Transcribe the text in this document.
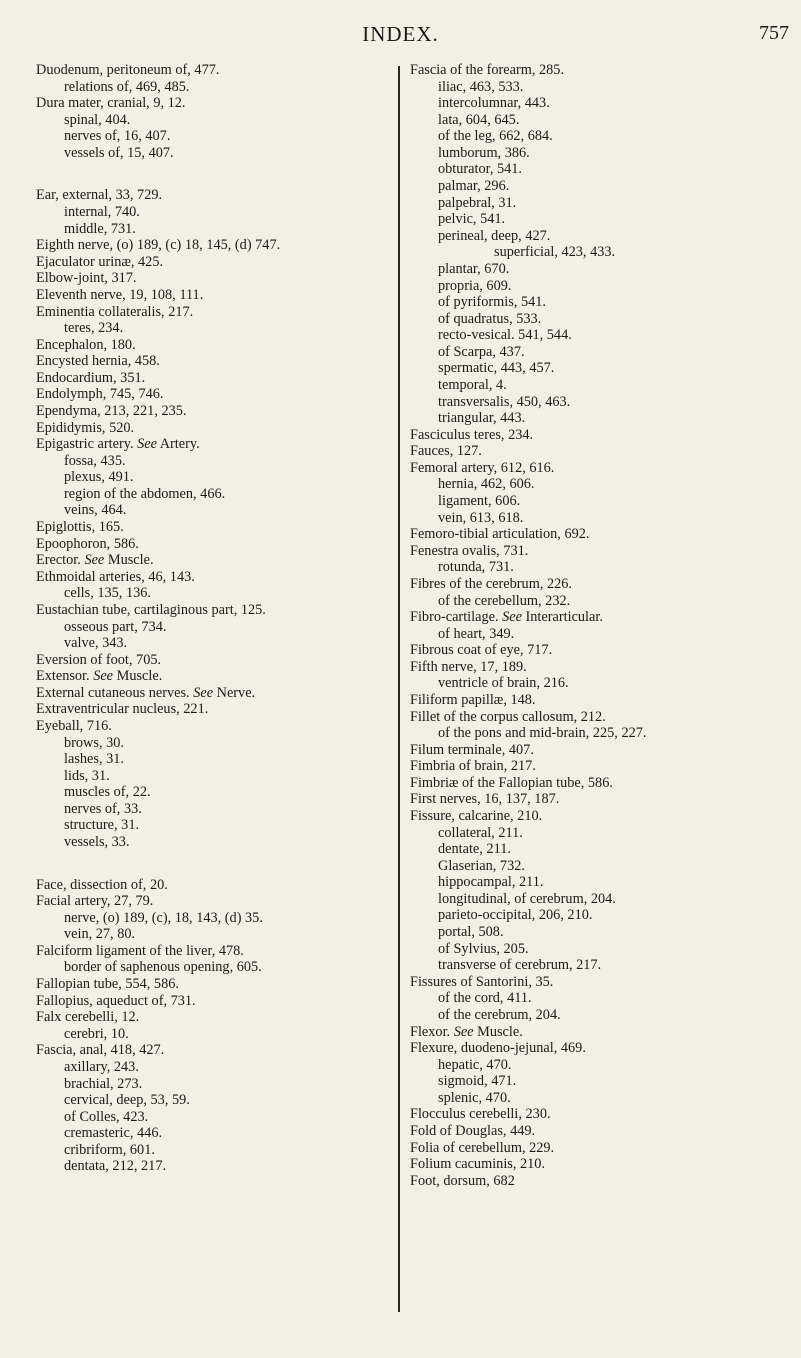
INDEX.	757
Duodenum, peritoneum of, 477.
relations of, 469, 485.
Dura mater, cranial, 9, 12.
spinal, 404.
nerves of, 16, 407.
vessels of, 15, 407.
Ear, external, 33, 729.
internal, 740.
middle, 731.
Eighth nerve, (o) 189, (c) 18, 145, (d) 747.
Ejaculator urinæ, 425.
Elbow-joint, 317.
Eleventh nerve, 19, 108, 111.
Eminentia collateralis, 217.
teres, 234.
Encephalon, 180.
Encysted hernia, 458.
Endocardium, 351.
Endolymph, 745, 746.
Ependyma, 213, 221, 235.
Epididymis, 520.
Epigastric artery. See Artery.
fossa, 435.
plexus, 491.
region of the abdomen, 466.
veins, 464.
Epiglottis, 165.
Epoophoron, 586.
Erector. See Muscle.
Ethmoidal arteries, 46, 143.
cells, 135, 136.
Eustachian tube, cartilaginous part, 125.
osseous part, 734.
valve, 343.
Eversion of foot, 705.
Extensor. See Muscle.
External cutaneous nerves. See Nerve.
Extraventricular nucleus, 221.
Eyeball, 716.
brows, 30.
lashes, 31.
lids, 31.
muscles of, 22.
nerves of, 33.
structure, 31.
vessels, 33.
Face, dissection of, 20.
Facial artery, 27, 79.
nerve, (o) 189, (c), 18, 143, (d) 35.
vein, 27, 80.
Falciform ligament of the liver, 478.
border of saphenous opening, 605.
Fallopian tube, 554, 586.
Fallopius, aqueduct of, 731.
Falx cerebelli, 12.
cerebri, 10.
Fascia, anal, 418, 427.
axillary, 243.
brachial, 273.
cervical, deep, 53, 59.
of Colles, 423.
cremasteric, 446.
cribriform, 601.
dentata, 212, 217.
Fascia of the forearm, 285.
iliac, 463, 533.
intercolumnar, 443.
lata, 604, 645.
of the leg, 662, 684.
lumborum, 386.
obturator, 541.
palmar, 296.
palpebral, 31.
pelvic, 541.
perineal, deep, 427.
superficial, 423, 433.
plantar, 670.
propria, 609.
of pyriformis, 541.
of quadratus, 533.
recto-vesical. 541, 544.
of Scarpa, 437.
spermatic, 443, 457.
temporal, 4.
transversalis, 450, 463.
triangular, 443.
Fasciculus teres, 234.
Fauces, 127.
Femoral artery, 612, 616.
hernia, 462, 606.
ligament, 606.
vein, 613, 618.
Femoro-tibial articulation, 692.
Fenestra ovalis, 731.
rotunda, 731.
Fibres of the cerebrum, 226.
of the cerebellum, 232.
Fibro-cartilage. See Interarticular.
of heart, 349.
Fibrous coat of eye, 717.
Fifth nerve, 17, 189.
ventricle of brain, 216.
Filiform papillæ, 148.
Fillet of the corpus callosum, 212.
of the pons and mid-brain, 225, 227.
Filum terminale, 407.
Fimbria of brain, 217.
Fimbriæ of the Fallopian tube, 586.
First nerves, 16, 137, 187.
Fissure, calcarine, 210.
collateral, 211.
dentate, 211.
Glaserian, 732.
hippocampal, 211.
longitudinal, of cerebrum, 204.
parieto-occipital, 206, 210.
portal, 508.
of Sylvius, 205.
transverse of cerebrum, 217.
Fissures of Santorini, 35.
of the cord, 411.
of the cerebrum, 204.
Flexor. See Muscle.
Flexure, duodeno-jejunal, 469.
hepatic, 470.
sigmoid, 471.
splenic, 470.
Flocculus cerebelli, 230.
Fold of Douglas, 449.
Folia of cerebellum, 229.
Folium cacuminis, 210.
Foot, dorsum, 682
